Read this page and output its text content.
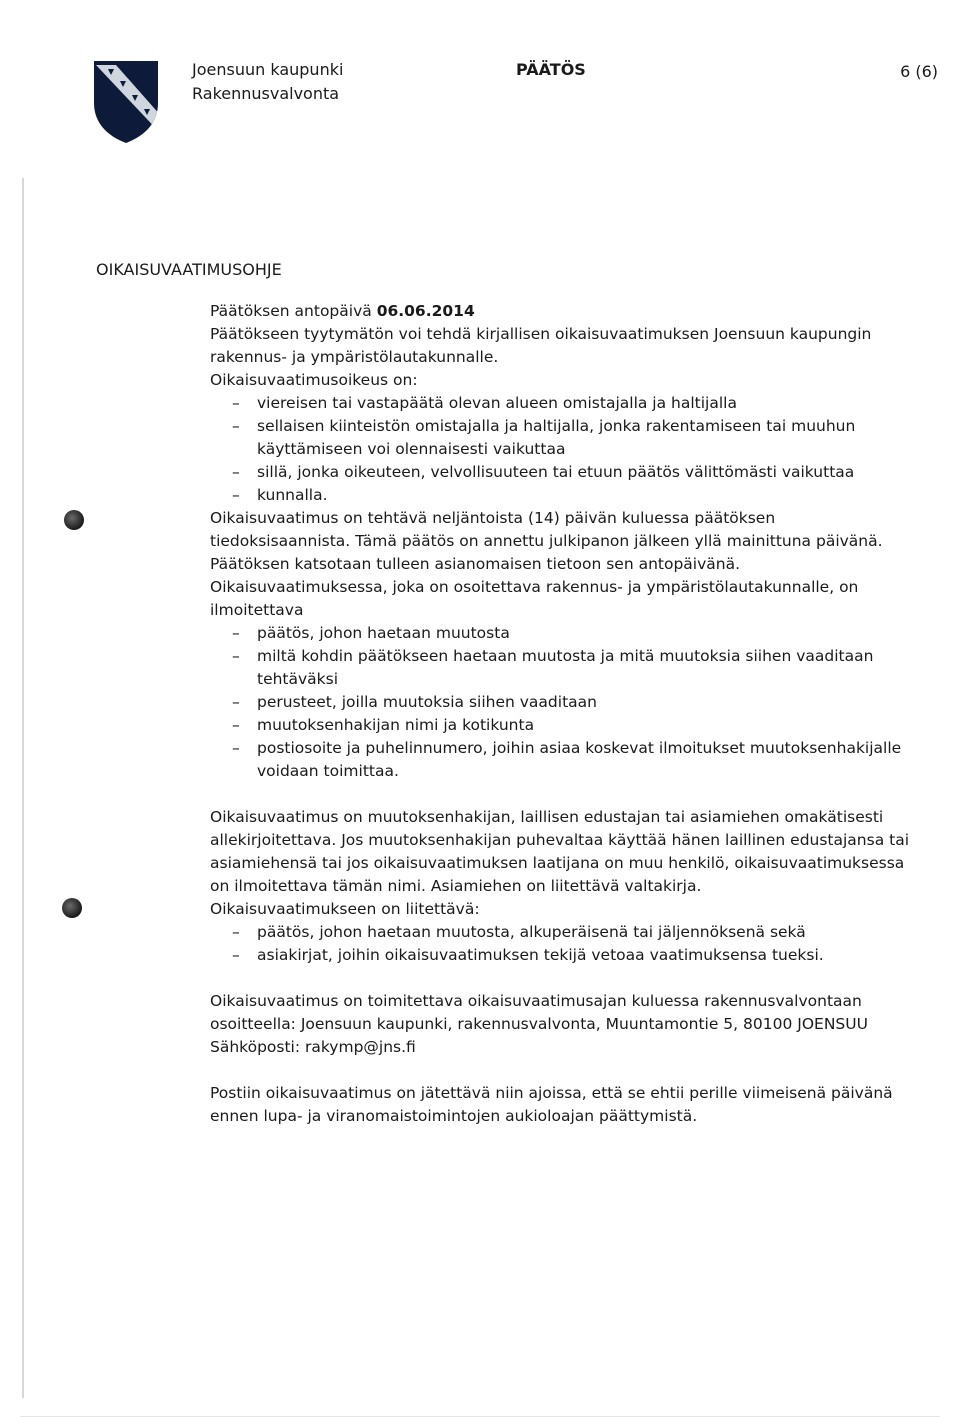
Joensuun kaupunki
Rakennusvalvonta
PÄÄTÖS	6 (6)
OIKAISUVAATIMUSOHJE

Päätöksen antopäivä 06.06.2014

Päätökseen tyytymätön voi tehdä kirjallisen oikaisuvaatimuksen Joensuun kaupungin rakennus- ja ympäristölautakunnalle.

Oikaisuvaatimusoikeus on:

– viereisen tai vastapäätä olevan alueen omistajalla ja haltijalla
– sellaisen kiinteistön omistajalla ja haltijalla, jonka rakentamiseen tai muuhun käyttämiseen voi olennaisesti vaikuttaa
– sillä, jonka oikeuteen, velvollisuuteen tai etuun päätös välittömästi vaikuttaa
– kunnalla.

Oikaisuvaatimus on tehtävä neljäntoista (14) päivän kuluessa päätöksen tiedoksisaannista. Tämä päätös on annettu julkipanon jälkeen yllä mainittuna päivänä. Päätöksen katsotaan tulleen asianomaisen tietoon sen antopäivänä. Oikaisuvaatimuksessa, joka on osoitettava rakennus- ja ympäristölautakunnalle, on ilmoitettava

– päätös, johon haetaan muutosta
– miltä kohdin päätökseen haetaan muutosta ja mitä muutoksia siihen vaaditaan tehtäväksi
– perusteet, joilla muutoksia siihen vaaditaan
– muutoksenhakijan nimi ja kotikunta
– postiosoite ja puhelinnumero, joihin asiaa koskevat ilmoitukset muutoksenhakijalle voidaan toimittaa.

Oikaisuvaatimus on muutoksenhakijan, laillisen edustajan tai asiamiehen omakätisesti allekirjoitettava. Jos muutoksenhakijan puhevaltaa käyttää hänen laillinen edustajansa tai asiamiehensä tai jos oikaisuvaatimuksen laatijana on muu henkilö, oikaisuvaatimuksessa on ilmoitettava tämän nimi. Asiamiehen on liitettävä valtakirja.

Oikaisuvaatimukseen on liitettävä:

– päätös, johon haetaan muutosta, alkuperäisenä tai jäljennöksenä sekä
– asiakirjat, joihin oikaisuvaatimuksen tekijä vetoaa vaatimuksensa tueksi.

Oikaisuvaatimus on toimitettava oikaisuvaatimusajan kuluessa rakennusvalvontaan osoitteella: Joensuun kaupunki, rakennusvalvonta, Muuntamontie 5, 80100 JOENSUU

Sähköposti: rakymp@jns.fi

Postiin oikaisuvaatimus on jätettävä niin ajoissa, että se ehtii perille viimeisenä päivänä ennen lupa- ja viranomaistoimintojen aukioloajan päättymistä.
